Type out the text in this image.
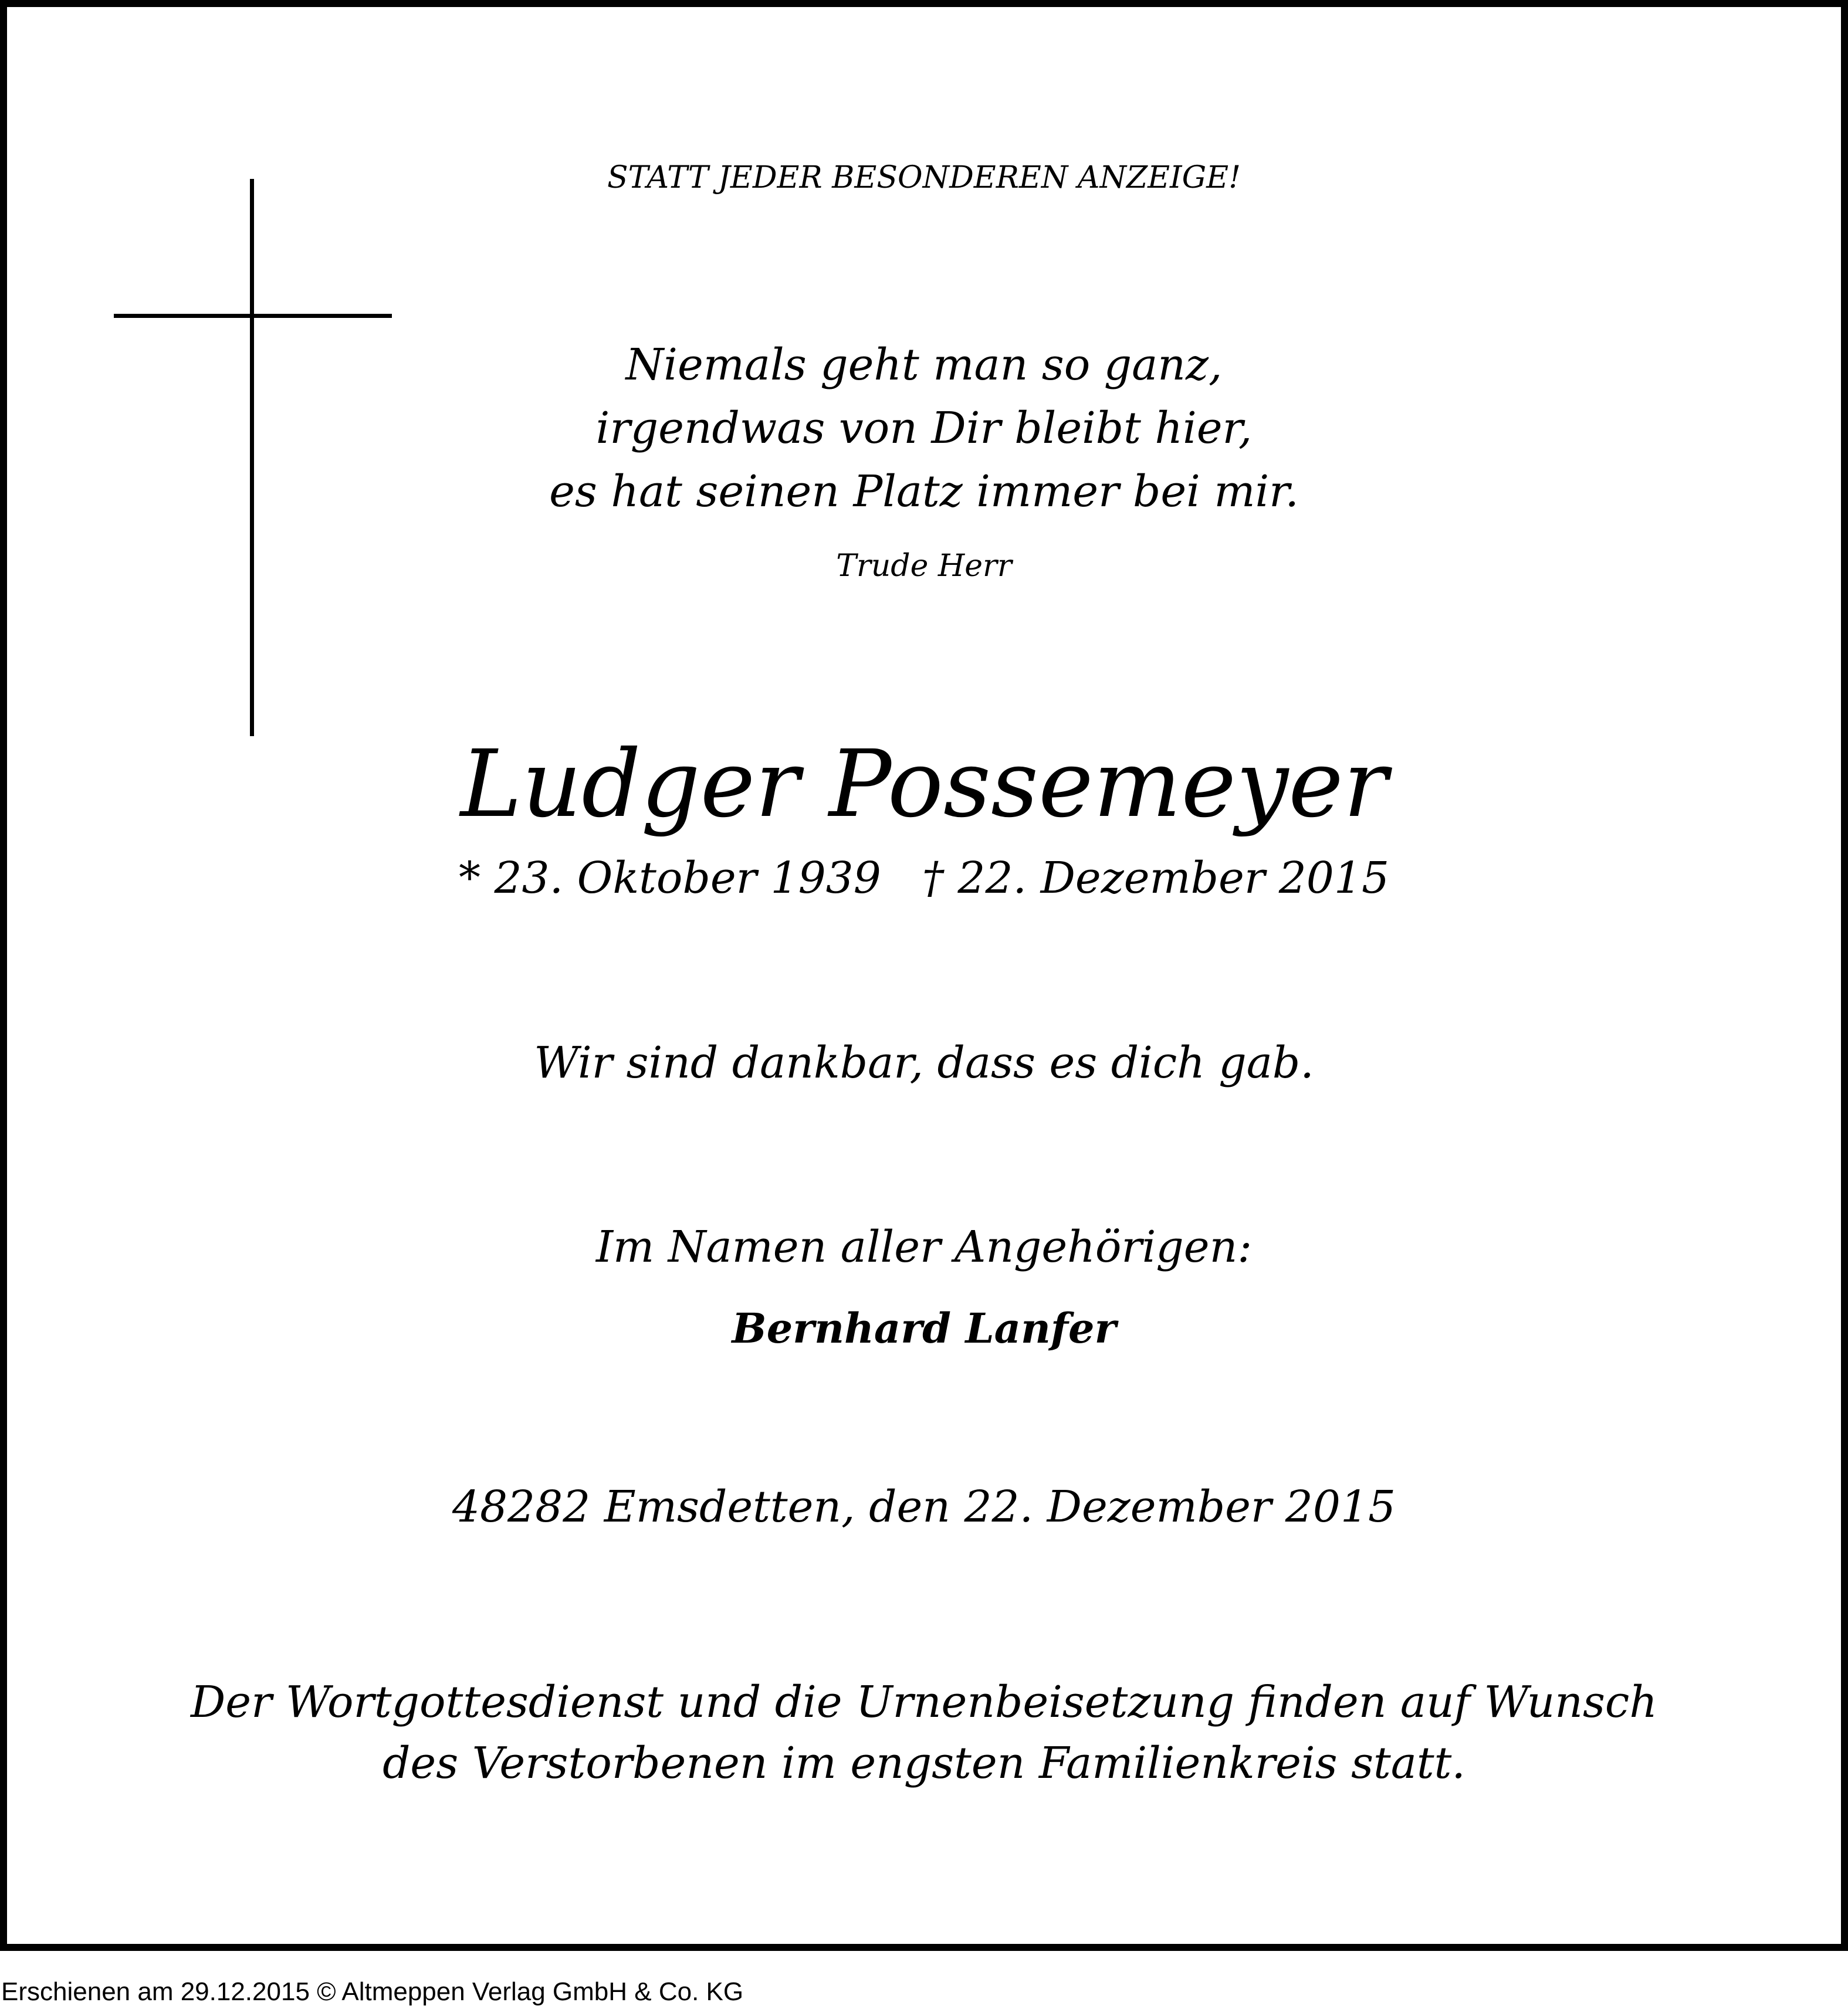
STATT JEDER BESONDEREN ANZEIGE!
Niemals geht man so ganz,
irgendwas von Dir bleibt hier,
es hat seinen Platz immer bei mir.
Trude Herr
Ludger Possemeyer
* 23. Oktober 1939 † 22. Dezember 2015
Wir sind dankbar, dass es dich gab.
Im Namen aller Angehörigen:
Bernhard Lanfer
48282 Emsdetten, den 22. Dezember 2015
Der Wortgottesdienst und die Urnenbeisetzung finden auf Wunsch
des Verstorbenen im engsten Familienkreis statt.
Erschienen am 29.12.2015 © Altmeppen Verlag GmbH & Co. KG
